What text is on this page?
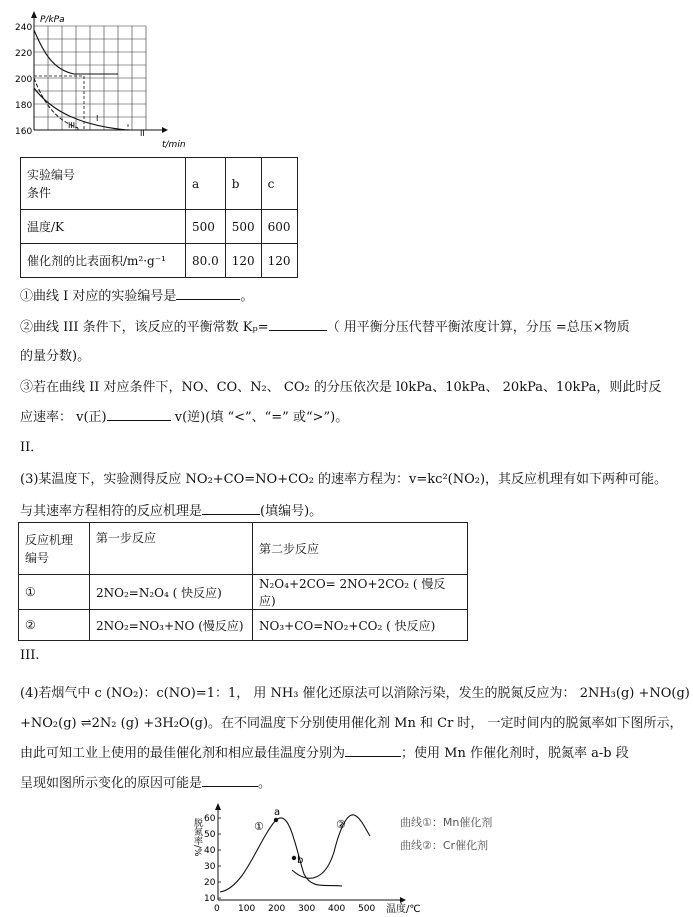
P/kPa
t/min
240
220
200
180
160
III
I
II
实验编号
条件	a	b	c
温度/K	500	500	600
催化剂的比表面积/m²·g⁻¹	80.0	120	120
①曲线 I 对应的实验编号是	。
②曲线 III 条件下，该反应的平衡常数 Kₚ=	（ 用平衡分压代替平衡浓度计算，分压 =总压×物质
的量分数)。
③若在曲线 II 对应条件下，NO、CO、N₂、 CO₂ 的分压依次是 l0kPa、10kPa、 20kPa、10kPa，则此时反
应速率： v(正)	v(逆)(填 “<”、“=” 或“>”)。
II．
(3)某温度下，实验测得反应 NO₂+CO=NO+CO₂ 的速率方程为：v=kc²(NO₂)，其反应机理有如下两种可能。
与其速率方程相符的反应机理是	(填编号)。
反应机理
编号	第一步反应	第二步反应
①	2NO₂=N₂O₄ ( 快反应)	N₂O₄+2CO= 2NO+2CO₂ ( 慢反应)
②	2NO₂=NO₃+NO (慢反应)	NO₃+CO=NO₂+CO₂ ( 快反应)
III.
(4)若烟气中 c (NO₂)：c(NO)=1：1， 用 NH₃ 催化还原法可以消除污染，发生的脱氮反应为： 2NH₃(g) +NO(g)
+NO₂(g) ⇌2N₂ (g) +3H₂O(g)。在不同温度下分别使用催化剂 Mn 和 Cr 时， 一定时间内的脱氮率如下图所示，
由此可知工业上使用的最佳催化剂和相应最佳温度分别为	；使用 Mn 作催化剂时，脱氮率 a-b 段
呈现如图所示变化的原因可能是	。
60
50
40
30
20
10
脱氮率/%
0 100 200 300 400 500 温度/℃
a
b
①	②	曲线①：Mn催化剂
曲线②：Cr催化剂
